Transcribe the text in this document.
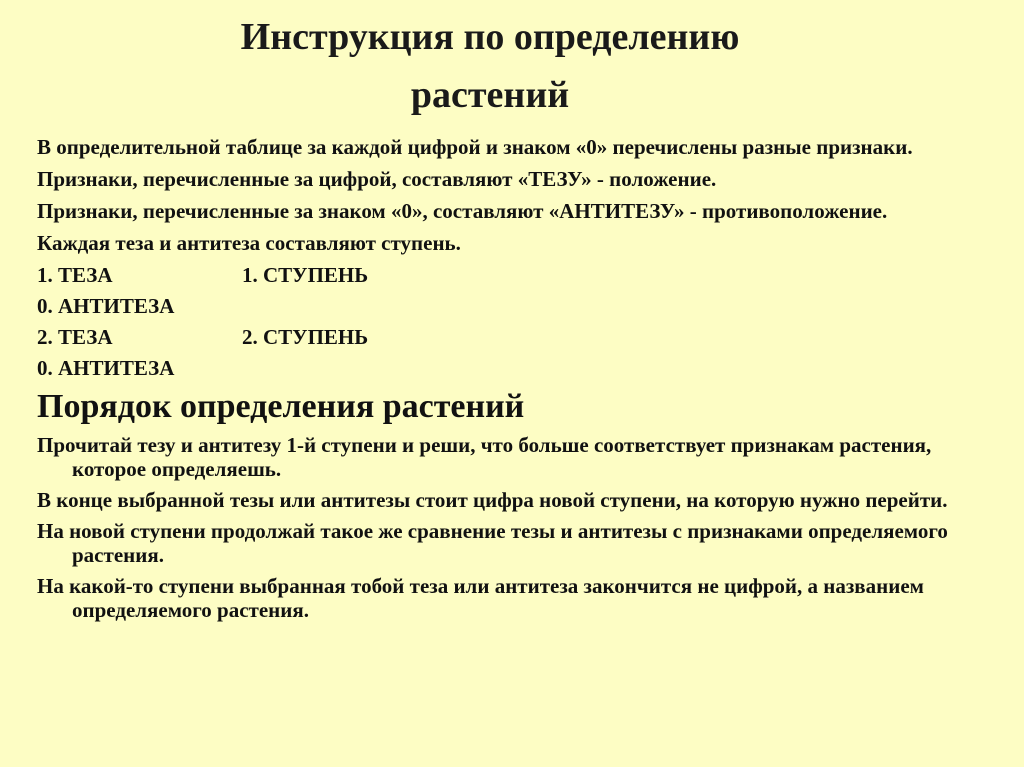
Инструкция по определению
растений

В определительной таблице за каждой цифрой и знаком «0» перечислены разные признаки.

Признаки, перечисленные за цифрой, составляют «ТЕЗУ» - положение.

Признаки, перечисленные за знаком «0», составляют «АНТИТЕЗУ» - противоположение.

Каждая теза и антитеза составляют ступень.

1. ТЕЗА	1. СТУПЕНЬ
0. АНТИТЕЗА
2. ТЕЗА	2. СТУПЕНЬ
0. АНТИТЕЗА
Порядок определения растений

Прочитай тезу и антитезу 1-й ступени и реши, что больше соответствует признакам растения, которое определяешь.

В конце выбранной тезы или антитезы стоит цифра новой ступени, на которую нужно перейти.

На новой ступени продолжай такое же сравнение тезы и антитезы с признаками определяемого растения.

На какой-то ступени выбранная тобой теза или антитеза закончится не цифрой, а названием определяемого растения.
